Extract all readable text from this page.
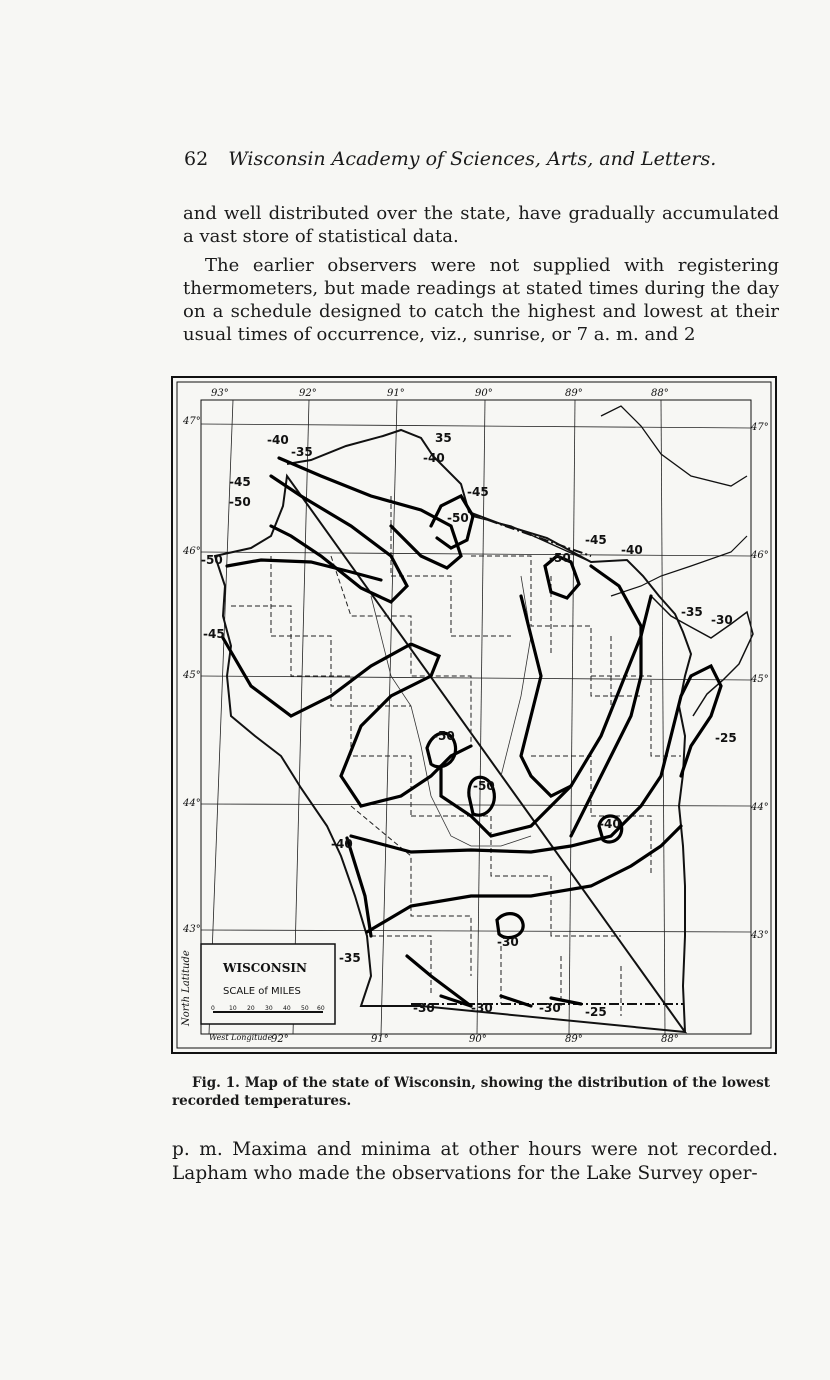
62 Wisconsin Academy of Sciences, Arts, and Letters.

and well distributed over the state, have gradually accumulated a vast store of statistical data.

The earlier observers were not supplied with registering thermometers, but made readings at stated times during the day on a schedule designed to catch the highest and lowest at their usual times of occurrence, viz., sunrise, or 7 a. m. and 2

93°	92°	91°	90°	89°	88°
92°	91°	90°	89°	88°
West Longitude
47°
46°
45°
44°
43°
47°
46°
45°
44°
43°
North Latitude	WISCONSIN
SCALE of MILES
0 10 20 30 40 50 60
-40
-35
35
-40
-45
-50
-45
-50
-50
-45
-40
-50
-45
-35
-30
-50	-25
-50
-40
-40
-35
-30
-30	-30	-30 -25
Fig. 1. Map of the state of Wisconsin, showing the distribution of the lowest recorded temperatures.

p. m. Maxima and minima at other hours were not recorded. Lapham who made the observations for the Lake Survey oper-
